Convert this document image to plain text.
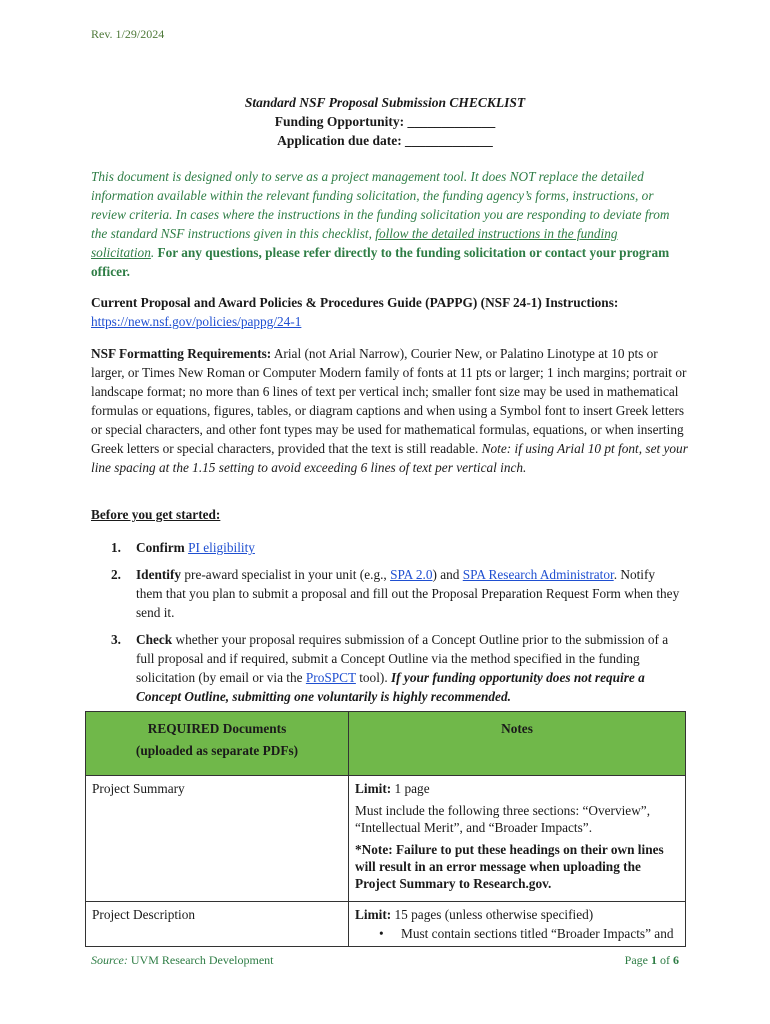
Rev. 1/29/2024
Standard NSF Proposal Submission CHECKLIST
Funding Opportunity: _____________
Application due date: _____________
This document is designed only to serve as a project management tool. It does NOT replace the detailed information available within the relevant funding solicitation, the funding agency’s forms, instructions, or review criteria. In cases where the instructions in the funding solicitation you are responding to deviate from the standard NSF instructions given in this checklist, follow the detailed instructions in the funding solicitation. For any questions, please refer directly to the funding solicitation or contact your program officer.
Current Proposal and Award Policies & Procedures Guide (PAPPG) (NSF 24-1) Instructions:
https://new.nsf.gov/policies/pappg/24-1
NSF Formatting Requirements: Arial (not Arial Narrow), Courier New, or Palatino Linotype at 10 pts or larger, or Times New Roman or Computer Modern family of fonts at 11 pts or larger; 1 inch margins; portrait or landscape format; no more than 6 lines of text per vertical inch; smaller font size may be used in mathematical formulas or equations, figures, tables, or diagram captions and when using a Symbol font to insert Greek letters or special characters, and other font types may be used for mathematical formulas, equations, or when inserting Greek letters or special characters, provided that the text is still readable. Note: if using Arial 10 pt font, set your line spacing at the 1.15 setting to avoid exceeding 6 lines of text per vertical inch.
Before you get started:
1. Confirm PI eligibility
2. Identify pre-award specialist in your unit (e.g., SPA 2.0) and SPA Research Administrator. Notify them that you plan to submit a proposal and fill out the Proposal Preparation Request Form when they send it.
3. Check whether your proposal requires submission of a Concept Outline prior to the submission of a full proposal and if required, submit a Concept Outline via the method specified in the funding solicitation (by email or via the ProSPCT tool). If your funding opportunity does not require a Concept Outline, submitting one voluntarily is highly recommended.
REQUIRED Documents
(uploaded as separate PDFs)	Notes

Project Summary	Limit: 1 page

Must include the following three sections: “Overview”, “Intellectual Merit”, and “Broader Impacts”.

*Note: Failure to put these headings on their own lines will result in an error message when uploading the Project Summary to Research.gov.

Project Description	Limit: 15 pages (unless otherwise specified)

• Must contain sections titled “Broader Impacts” and
Source: UVM Research Development	Page 1 of 6
